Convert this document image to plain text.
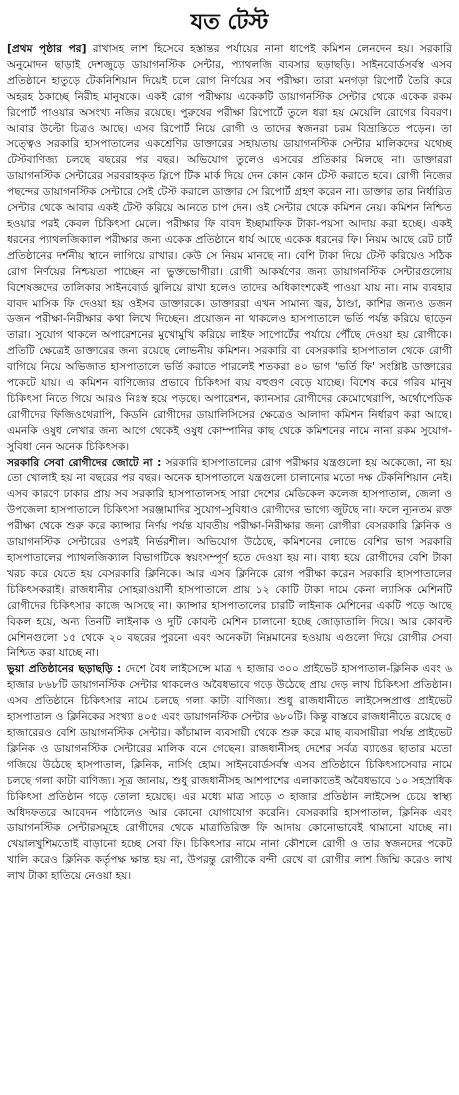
যত টেস্ট

[প্রথম পৃষ্ঠার পর] রাখাসহ লাশ হিসেবে হস্তান্তর পর্যায়ের নানা ধাপেই কমিশন লেনদেন হয়। সরকারি অনুমোদন ছাড়াই দেশজুড়ে ডায়াগনস্টিক সেন্টার, প্যাথলজি ব্যবসার ছড়াছড়ি। সাইনবোর্ডসর্বস্ব এসব প্রতিষ্ঠানে হাতুড়ে টেকনিশিয়ান দিয়েই চলে রোগ নির্ণয়ের সব পরীক্ষা। তারা মনগড়া রিপোর্ট তৈরি করে অহরহ ঠকাচ্ছে নিরীহ মানুষকে। একই রোগ পরীক্ষায় একেকটি ডায়াগনস্টিক সেন্টার থেকে একেক রকম রিপোর্ট পাওয়ার অসংখ্য নজির রয়েছে। পুরুষের পরীক্ষা রিপোর্টে তুলে ধরা হয় মেয়েলি রোগের বিবরণ। আবার উল্টো চিত্রও আছে। এসব রিপোর্ট নিয়ে রোগী ও তাদের স্বজনরা চরম বিভ্রান্তিতে পড়েন। তা সত্ত্বেও সরকারি হাসপাতালের একশ্রেণির ডাক্তারের সহায়তায় ডায়াগনস্টিক সেন্টার মালিকদের যথেচ্ছ টেস্টবাণিজ্য চলছে বছরের পর বছর। অভিযোগ তুলেও এসবের প্রতিকার মিলছে না। ডাক্তাররা ডায়াগনস্টিক সেন্টারের সরবরাহকৃত স্লিপে টিক মার্ক দিয়ে দেন কোন কোন টেস্ট করাতে হবে। রোগী নিজের পছন্দের ডায়াগনস্টিক সেন্টারে সেই টেস্ট করালে ডাক্তার সে রিপোর্ট গ্রহণ করেন না। ডাক্তার তার নির্ধারিত সেন্টার থেকে আবার একই টেস্ট করিয়ে আনতে চাপ দেন। ওই সেন্টার থেকে কমিশন নেয়। কমিশন নিশ্চিত হওয়ার পরই কেবল চিকিৎসা মেলে। পরীক্ষার ফি বাবদ ইচ্ছামাফিক টাকা-পয়সা আদায় করা হচ্ছে। একই ধরনের প্যাথলজিক্যাল পরীক্ষার জন্য একেক প্রতিষ্ঠানে ধার্য আছে একেক ধরনের ফি। নিয়ম আছে রেট চার্ট প্রতিষ্ঠানের দর্শনীয় স্থানে লাগিয়ে রাখার। কেউ সে নিয়ম মানছে না। বেশি টাকা দিয়ে টেস্ট করিয়েও সঠিক রোগ নির্ণয়ের নিশ্চয়তা পাচ্ছেন না ভুক্তভোগীরা। রোগী আকর্ষণের জন্য ডায়াগনস্টিক সেন্টারগুলোয় বিশেষজ্ঞদের তালিকার সাইনবোর্ড ঝুলিয়ে রাখা হলেও তাদের অধিকাংশকেই পাওয়া যায় না। নাম ব্যবহার বাবদ মাসিক ফি দেওয়া হয় ওইসব ডাক্তারকে। ডাক্তাররা এখন সামান্য জ্বর, ঠাণ্ডা, কাশির জন্যও ডজন ডজন পরীক্ষা-নিরীক্ষার কথা লিখে দিচ্ছেন। প্রয়োজন না থাকলেও হাসপাতালে ভর্তি পর্যন্ত করিয়ে ছাড়েন তারা। সুযোগ থাকলে অপারেশনের মুখোমুখি করিয়ে লাইফ সাপোর্টের পর্যায়ে পৌঁছে দেওয়া হয় রোগীকে। প্রতিটি ক্ষেত্রেই ডাক্তারের জন্য রয়েছে লোভনীয় কমিশন। সরকারি বা বেসরকারি হাসপাতাল থেকে রোগী বাগিয়ে নিয়ে অভিজাত হাসপাতালে ভর্তি করাতে পারলেই শতকরা ৪০ ভাগ 'ভর্তি ফি' সংশ্লিষ্ট ডাক্তারের পকেটে যায়। এ কমিশন বাণিজ্যের প্রভাবে চিকিৎসা ব্যয় বহুগুণ বেড়ে যাচ্ছে। বিশেষ করে গরিব মানুষ চিকিৎসা নিতে গিয়ে আরও নিঃস্ব হয়ে পড়ছে। অপারেশন, ক্যানসার রোগীদের কেমোথেরাপি, অর্থোপেডিক রোগীদের ফিজিওথেরাপি, কিডনি রোগীদের ডায়ালিসিসের ক্ষেত্রেও আলাদা কমিশন নির্ধারণ করা আছে। এমনকি ওষুধ লেখার জন্য আগে থেকেই ওষুধ কোম্পানির কাছ থেকে কমিশনের নামে নানা রকম সুযোগ-সুবিধা নেন অনেক চিকিৎসক।

সরকারি সেবা রোগীদের জোটে না : সরকারি হাসপাতালের রোগ পরীক্ষার যন্ত্রগুলো হয় অকেজো, না হয় তো খোলাই হয় না বছরের পর বছর। অনেক হাসপাতালে যন্ত্রগুলো চালানোর মতো দক্ষ টেকনিশিয়ান নেই। এসব কারণে ঢাকার প্রায় সব সরকারি হাসপাতালসহ সারা দেশের মেডিকেল কলেজ হাসপাতাল, জেলা ও উপজেলা হাসপাতালে চিকিৎসা সরঞ্জামাদির সুযোগ-সুবিধাও রোগীদের ভাগ্যে জুটছে না। ফলে ন্যূনতম রক্ত পরীক্ষা থেকে শুরু করে ক্যান্সার নির্ণয় পর্যন্ত যাবতীয় পরীক্ষা-নিরীক্ষার জন্য রোগীরা বেসরকারি ক্লিনিক ও ডায়াগনস্টিক সেন্টারের ওপরই নির্ভরশীল। অভিযোগ উঠেছে, কমিশনের লোভে বেশির ভাগ সরকারি হাসপাতালের প্যাথলজিক্যাল বিভাগটিকে স্বয়ংসম্পূর্ণ হতে দেওয়া হয় না। বাধ্য হয়ে রোগীদের বেশি টাকা খরচ করে যেতে হয় বেসরকারি ক্লিনিকে। আর এসব ক্লিনিকে রোগ পরীক্ষা করেন সরকারি হাসপাতালের চিকিৎসকরাই। রাজধানীর সোহরাওয়ার্দী হাসপাতালে প্রায় ১২ কোটি টাকা দামে কেনা ল্যাসিক মেশিনটি রোগীদের চিকিৎসার কাজে আসছে না। ক্যান্সার হাসপাতালের চারটি লাইনাক মেশিনের একটি পড়ে আছে বিকল হয়ে, অন্য তিনটি লাইনাক ও দুটি কোবল্ট মেশিন চালানো হচ্ছে জোড়াতালি দিয়ে। আর কোবল্ট মেশিনগুলো ১৫ থেকে ২০ বছরের পুরনো এবং অনেকটা নিম্নমানের হওয়ায় এগুলো দিয়ে রোগীর সেবা নিশ্চিত করা যাচ্ছে না।

ভুয়া প্রতিষ্ঠানের ছড়াছড়ি : দেশে বৈধ লাইসেন্সে মাত্র ৭ হাজার ৩০০ প্রাইভেট হাসপাতাল-ক্লিনিক এবং ৬ হাজার ৮৬৮টি ডায়াগনস্টিক সেন্টার থাকলেও অবৈধভাবে গড়ে উঠেছে প্রায় দেড় লাখ চিকিৎসা প্রতিষ্ঠান। এসব প্রতিষ্ঠানে চিকিৎসার নামে চলছে গলা কাটা বাণিজ্য। শুধু রাজধানীতে লাইসেন্সপ্রাপ্ত প্রাইভেট হাসপাতাল ও ক্লিনিকের সংখ্যা ৪০৫ এবং ডায়াগনস্টিক সেন্টার ৬৮০টি। কিন্তু বাস্তবে রাজধানীতে রয়েছে ৫ হাজারেরও বেশি ডায়াগনস্টিক সেন্টার। কাঁচামাল ব্যবসায়ী থেকে শুরু করে মাছ ব্যবসায়ীরা পর্যন্ত প্রাইভেট ক্লিনিক ও ডায়াগনস্টিক সেন্টারের মালিক বনে গেছেন। রাজধানীসহ দেশের সর্বত্র ব্যাঙের ছাতার মতো গজিয়ে উঠেছে হাসপাতাল, ক্লিনিক, নার্সিং হোম। সাইনবোর্ডসর্বস্ব এসব প্রতিষ্ঠানে চিকিৎসাসেবার নামে চলছে গলা কাটা বাণিজ্য। সূত্র জানায়, শুধু রাজধানীসহ আশপাশের এলাকাতেই অবৈধভাবে ১০ সহস্রাধিক চিকিৎসা প্রতিষ্ঠান গড়ে তোলা হয়েছে। এর মধ্যে মাত্র সাড়ে ৩ হাজার প্রতিষ্ঠান লাইসেন্স চেয়ে স্বাস্থ্য অধিদফতরে আবেদন পাঠালেও আর কোনো যোগাযোগ করেনি। বেসরকারি হাসপাতাল, ক্লিনিক এবং ডায়াগনস্টিক সেন্টারসমূহে রোগীদের থেকে মাত্রাতিরিক্ত ফি আদায় কোনোভাবেই থামানো যাচ্ছে না। খেয়ালখুশিমতোই বাড়ানো হচ্ছে সেবা ফি। চিকিৎসার নামে নানা কৌশলে রোগী ও তার স্বজনদের পকেট খালি করেও ক্লিনিক কর্তৃপক্ষ ক্ষান্ত হয় না, উপরন্তু রোগীকে বন্দী রেখে বা রোগীর লাশ জিম্মি করেও লাখ লাখ টাকা হাতিয়ে নেওয়া হয়।
